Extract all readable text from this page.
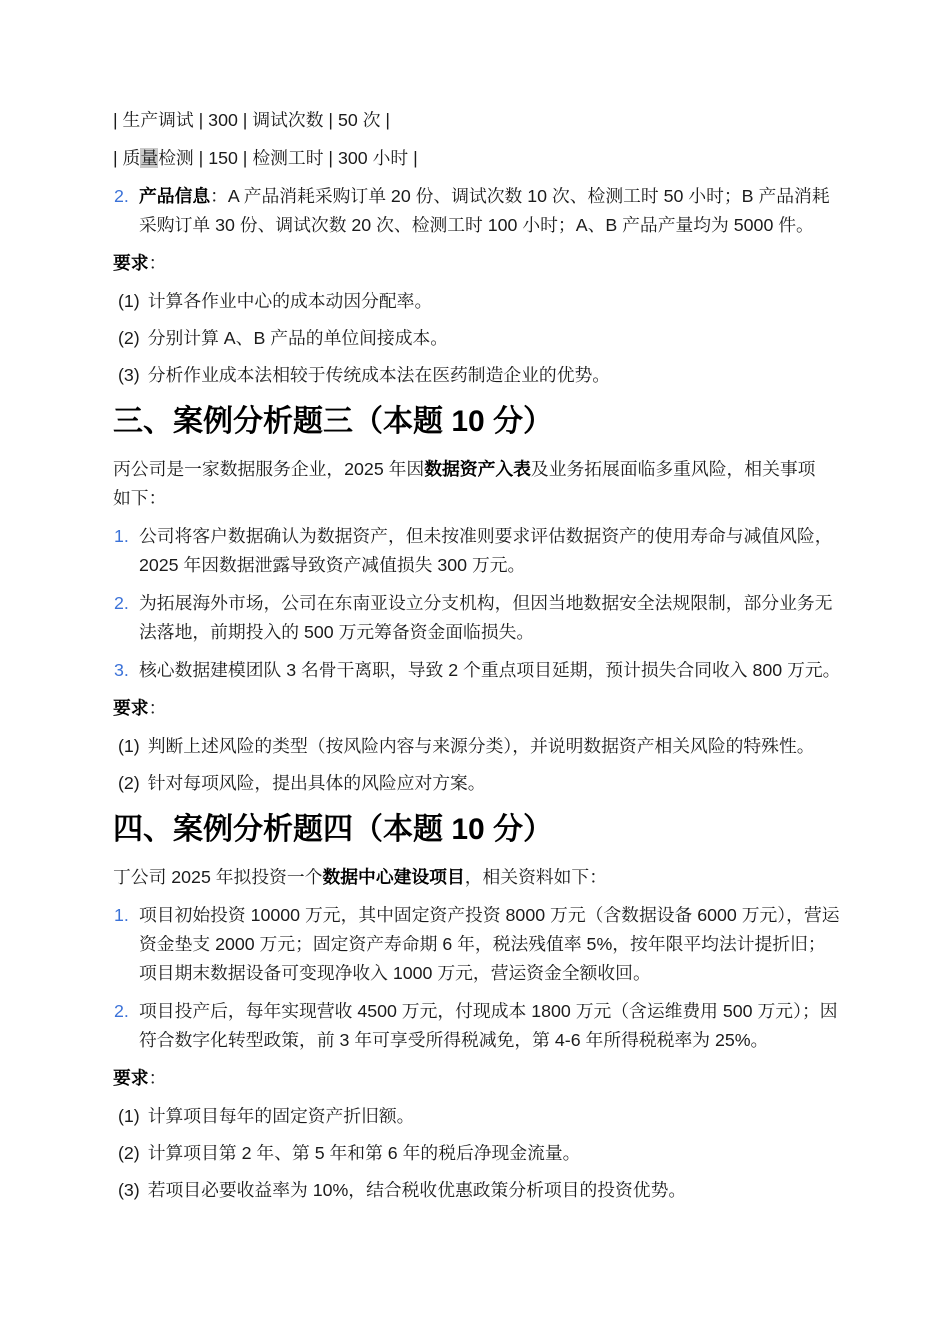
| 生产调试 | 300 | 调试次数 | 50 次 |

| 质量检测 | 150 | 检测工时 | 300 小时 |

2. 产品信息：A 产品消耗采购订单 20 份、调试次数 10 次、检测工时 50 小时；B 产品消耗采购订单 30 份、调试次数 20 次、检测工时 100 小时；A、B 产品产量均为 5000 件。

要求：

(1) 计算各作业中心的成本动因分配率。

(2) 分别计算 A、B 产品的单位间接成本。

(3) 分析作业成本法相较于传统成本法在医药制造企业的优势。

三、案例分析题三（本题 10 分）

丙公司是一家数据服务企业，2025 年因数据资产入表及业务拓展面临多重风险，相关事项如下：

1. 公司将客户数据确认为数据资产，但未按准则要求评估数据资产的使用寿命与减值风险，2025 年因数据泄露导致资产减值损失 300 万元。
2. 为拓展海外市场，公司在东南亚设立分支机构，但因当地数据安全法规限制，部分业务无法落地，前期投入的 500 万元筹备资金面临损失。
3. 核心数据建模团队 3 名骨干离职，导致 2 个重点项目延期，预计损失合同收入 800 万元。

要求：

(1) 判断上述风险的类型（按风险内容与来源分类），并说明数据资产相关风险的特殊性。

(2) 针对每项风险，提出具体的风险应对方案。

四、案例分析题四（本题 10 分）

丁公司 2025 年拟投资一个数据中心建设项目，相关资料如下：

1. 项目初始投资 10000 万元，其中固定资产投资 8000 万元（含数据设备 6000 万元），营运资金垫支 2000 万元；固定资产寿命期 6 年，税法残值率 5%，按年限平均法计提折旧；项目期末数据设备可变现净收入 1000 万元，营运资金全额收回。
2. 项目投产后，每年实现营收 4500 万元，付现成本 1800 万元（含运维费用 500 万元）；因符合数字化转型政策，前 3 年可享受所得税减免，第 4-6 年所得税税率为 25%。

要求：

(1) 计算项目每年的固定资产折旧额。

(2) 计算项目第 2 年、第 5 年和第 6 年的税后净现金流量。

(3) 若项目必要收益率为 10%，结合税收优惠政策分析项目的投资优势。
